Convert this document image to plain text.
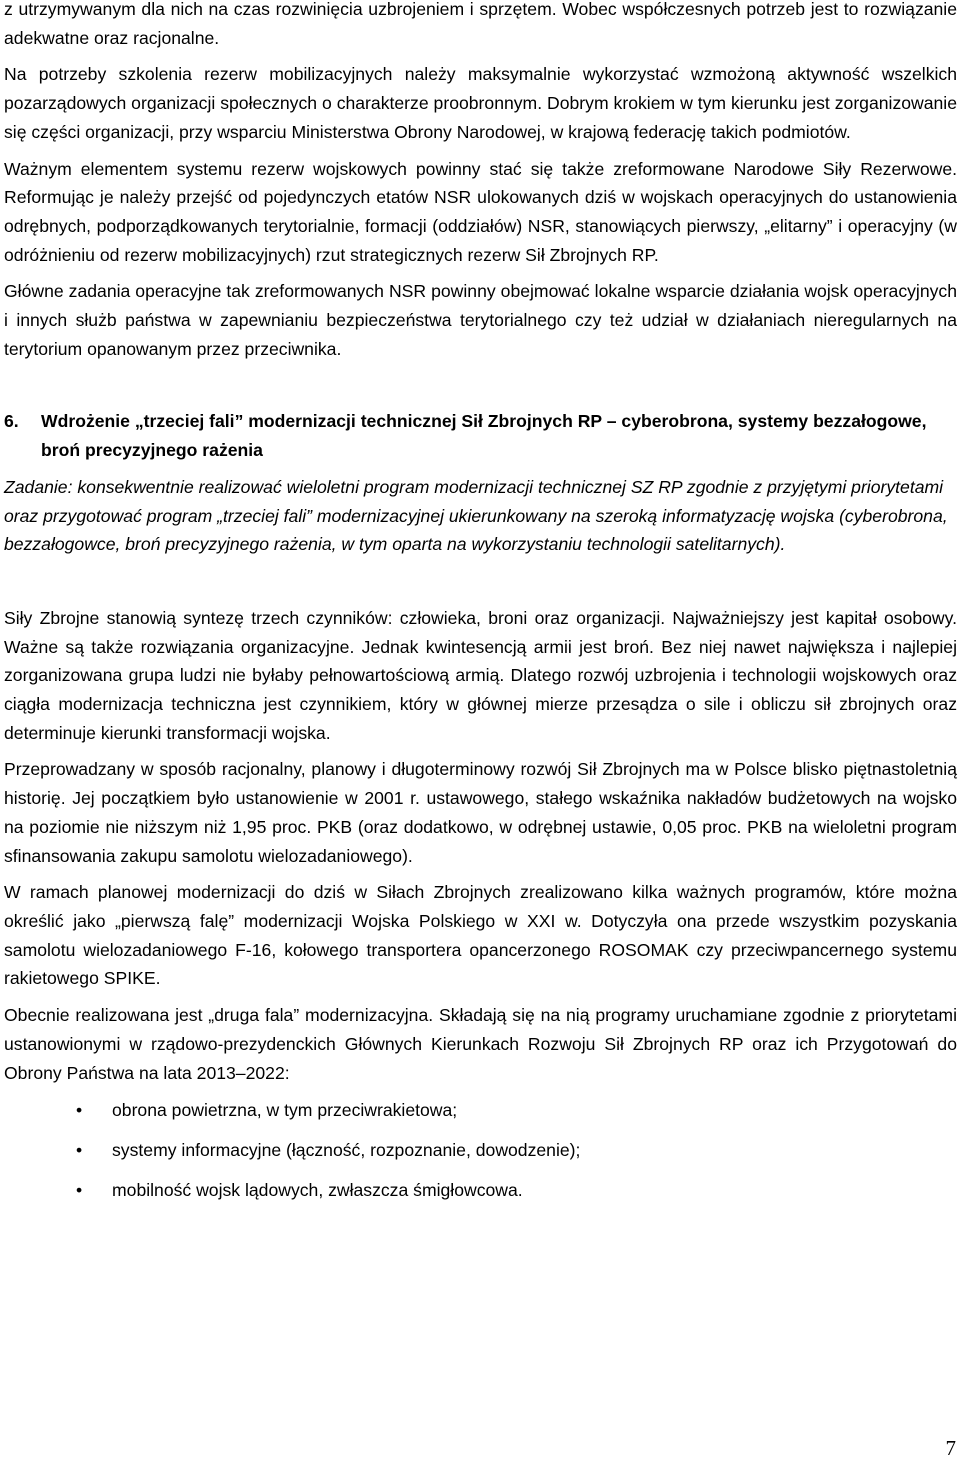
z utrzymywanym dla nich na czas rozwinięcia uzbrojeniem i sprzętem. Wobec współczesnych potrzeb jest to rozwiązanie adekwatne oraz racjonalne.

Na potrzeby szkolenia rezerw mobilizacyjnych należy maksymalnie wykorzystać wzmożoną aktywność wszelkich pozarządowych organizacji społecznych o charakterze proobronnym. Dobrym krokiem w tym kierunku jest zorganizowanie się części organizacji, przy wsparciu Ministerstwa Obrony Narodowej, w krajową federację takich podmiotów.

Ważnym elementem systemu rezerw wojskowych powinny stać się także zreformowane Narodowe Siły Rezerwowe. Reformując je należy przejść od pojedynczych etatów NSR ulokowanych dziś w wojskach operacyjnych do ustanowienia odrębnych, podporządkowanych terytorialnie, formacji (oddziałów) NSR, stanowiących pierwszy, „elitarny” i operacyjny (w odróżnieniu od rezerw mobilizacyjnych) rzut strategicznych rezerw Sił Zbrojnych RP.

Główne zadania operacyjne tak zreformowanych NSR powinny obejmować lokalne wsparcie działania wojsk operacyjnych i innych służb państwa w zapewnianiu bezpieczeństwa terytorialnego czy też udział w działaniach nieregularnych na terytorium opanowanym przez przeciwnika.

6.	Wdrożenie „trzeciej fali” modernizacji technicznej Sił Zbrojnych RP – cyberobrona, systemy bezzałogowe, broń precyzyjnego rażenia

Zadanie: konsekwentnie realizować wieloletni program modernizacji technicznej SZ RP zgodnie z przyjętymi priorytetami oraz przygotować program „trzeciej fali” modernizacyjnej ukierunkowany na szeroką informatyzację wojska (cyberobrona, bezzałogowce, broń precyzyjnego rażenia, w tym oparta na wykorzystaniu technologii satelitarnych).

Siły Zbrojne stanowią syntezę trzech czynników: człowieka, broni oraz organizacji. Najważniejszy jest kapitał osobowy. Ważne są także rozwiązania organizacyjne. Jednak kwintesencją armii jest broń. Bez niej nawet największa i najlepiej zorganizowana grupa ludzi nie byłaby pełnowartościową armią. Dlatego rozwój uzbrojenia i technologii wojskowych oraz ciągła modernizacja techniczna jest czynnikiem, który w głównej mierze przesądza o sile i obliczu sił zbrojnych oraz determinuje kierunki transformacji wojska.

Przeprowadzany w sposób racjonalny, planowy i długoterminowy rozwój Sił Zbrojnych ma w Polsce blisko piętnastoletnią historię. Jej początkiem było ustanowienie w 2001 r. ustawowego, stałego wskaźnika nakładów budżetowych na wojsko na poziomie nie niższym niż 1,95 proc. PKB (oraz dodatkowo, w odrębnej ustawie, 0,05 proc. PKB na wieloletni program sfinansowania zakupu samolotu wielozadaniowego).

W ramach planowej modernizacji do dziś w Siłach Zbrojnych zrealizowano kilka ważnych programów, które można określić jako „pierwszą falę” modernizacji Wojska Polskiego w XXI w. Dotyczyła ona przede wszystkim pozyskania samolotu wielozadaniowego F-16, kołowego transportera opancerzonego ROSOMAK czy przeciwpancernego systemu rakietowego SPIKE.

Obecnie realizowana jest „druga fala” modernizacyjna. Składają się na nią programy uruchamiane zgodnie z priorytetami ustanowionymi w rządowo-prezydenckich Głównych Kierunkach Rozwoju Sił Zbrojnych RP oraz ich Przygotowań do Obrony Państwa na lata 2013–2022:

•	obrona powietrzna, w tym przeciwrakietowa;
•	systemy informacyjne (łączność, rozpoznanie, dowodzenie);
•	mobilność wojsk lądowych, zwłaszcza śmigłowcowa.
7
